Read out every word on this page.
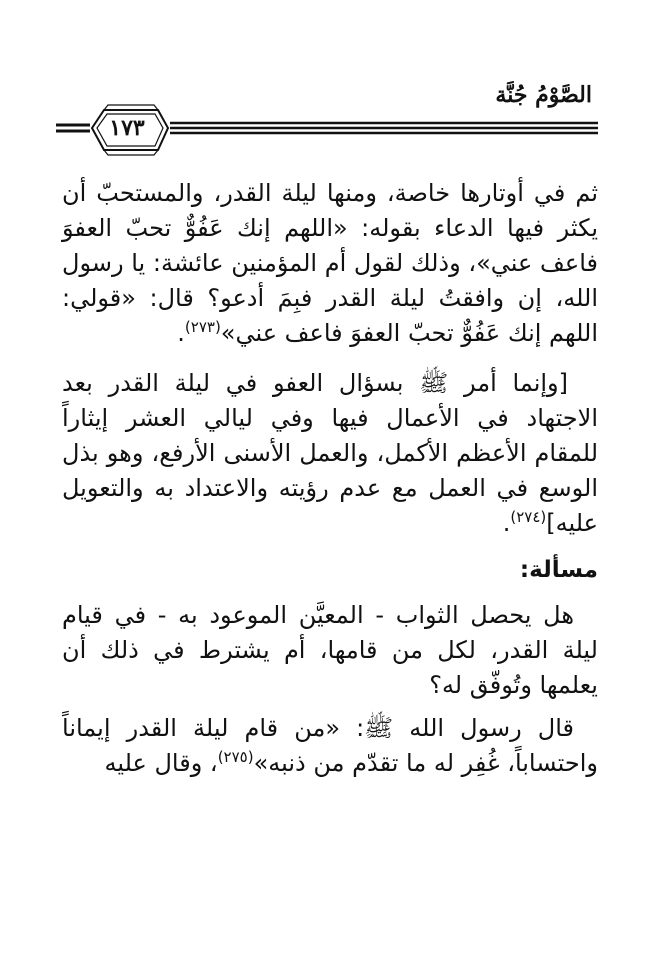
الصَّوْمُ جُنَّة
١٧٣

ثم في أوتارها خاصة، ومنها ليلة القدر، والمستحبّ أن يكثر فيها الدعاء بقوله: «اللهم إنك عَفُوٌّ تحبّ العفوَ فاعف عني»، وذلك لقول أم المؤمنين عائشة: يا رسول الله، إن وافقتُ ليلة القدر فبِمَ أدعو؟ قال: «قولي: اللهم إنك عَفُوٌّ تحبّ العفوَ فاعف عني»$^{(٢٧٣)}$.

[وإنما أمر ﷺ بسؤال العفو في ليلة القدر بعد الاجتهاد في الأعمال فيها وفي ليالي العشر إيثاراً للمقام الأعظم الأكمل، والعمل الأسنى الأرفع، وهو بذل الوسع في العمل مع عدم رؤيته والاعتداد به والتعويل عليه]$^{(٢٧٤)}$.

مسألة:

هل يحصل الثواب - المعيَّن الموعود به - في قيام ليلة القدر، لكل من قامها، أم يشترط في ذلك أن يعلمها وتُوفّق له؟

قال رسول الله ﷺ: «من قام ليلة القدر إيماناً واحتساباً، غُفِر له ما تقدّم من ذنبه»$^{(٢٧٥)}$، وقال عليه
